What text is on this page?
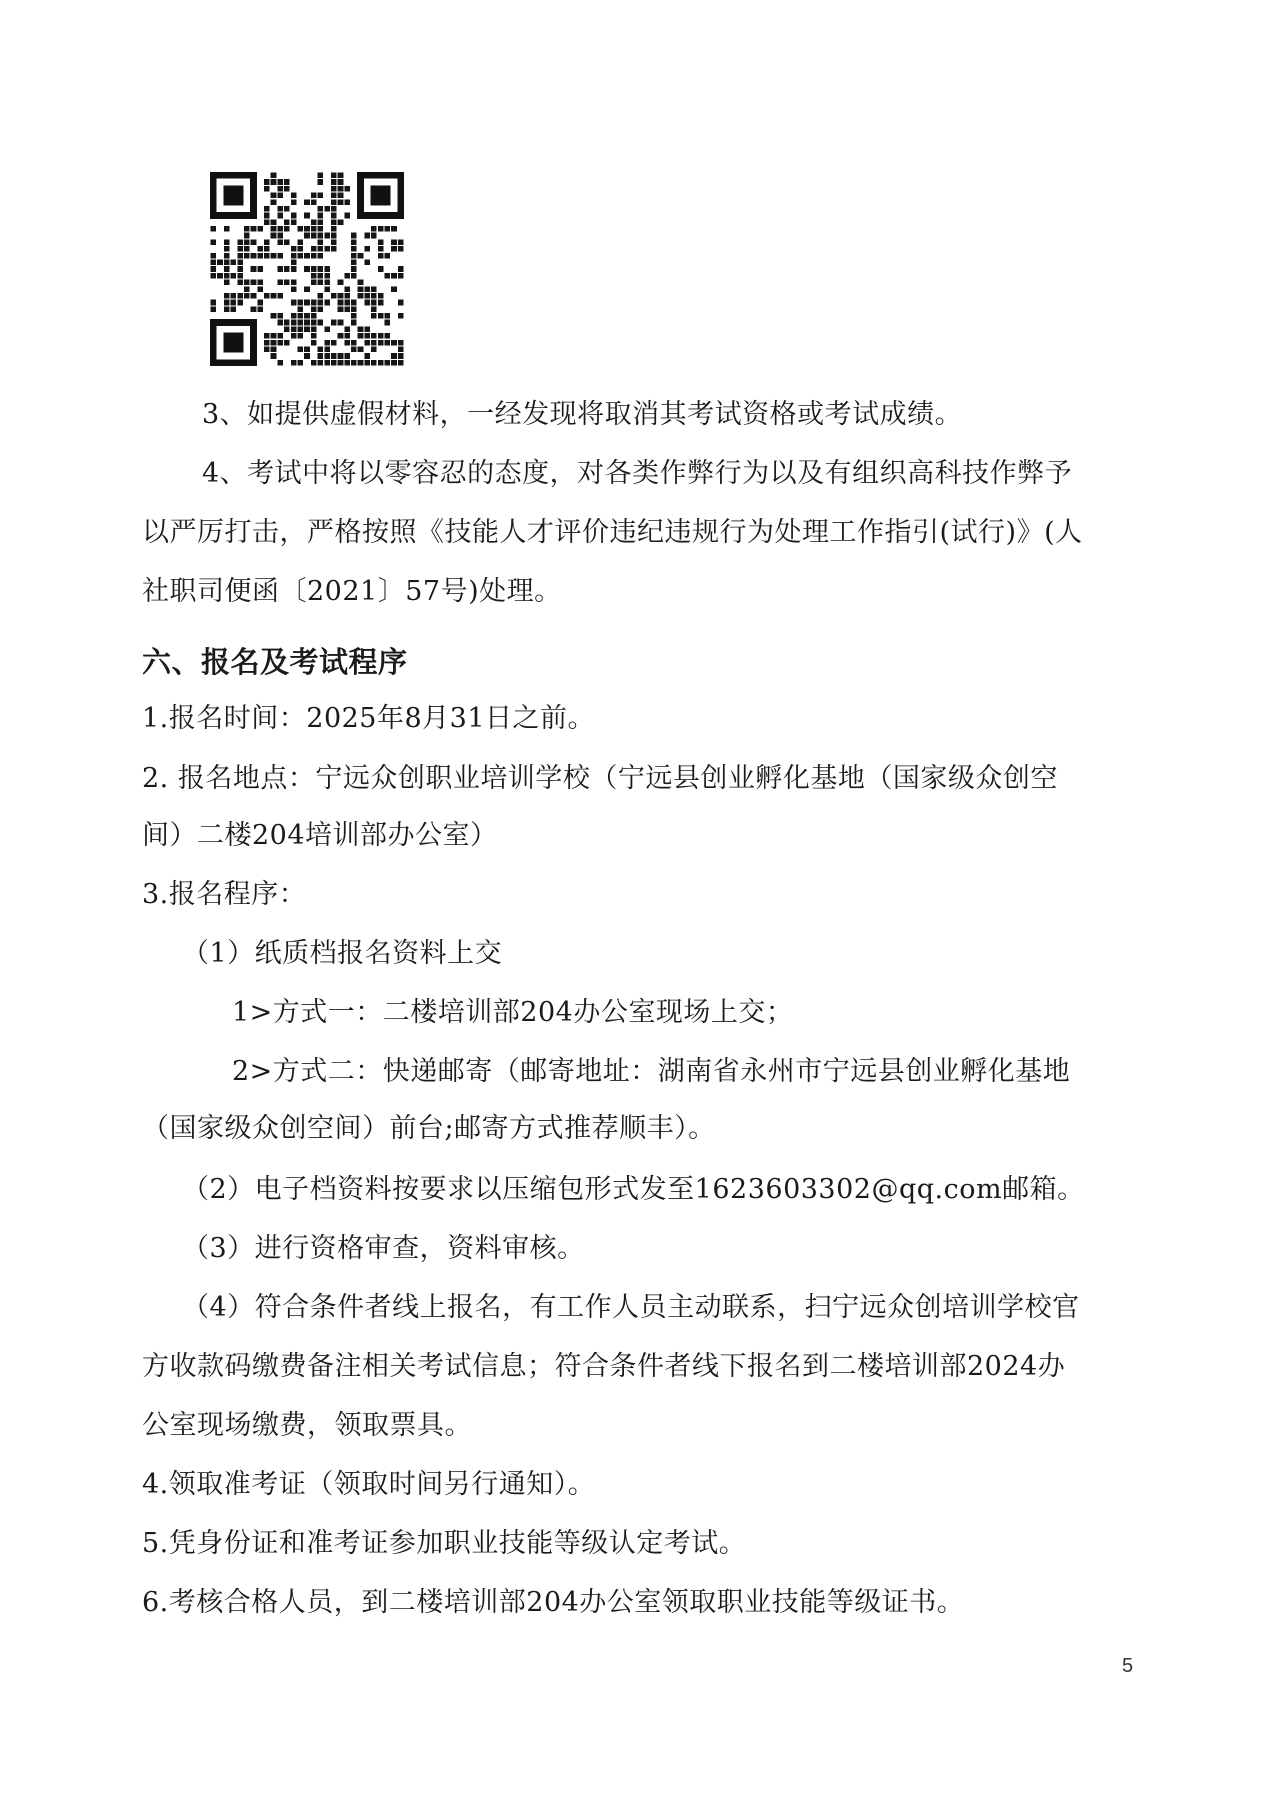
3、如提供虚假材料，一经发现将取消其考试资格或考试成绩。
4、考试中将以零容忍的态度，对各类作弊行为以及有组织高科技作弊予
以严厉打击，严格按照《技能人才评价违纪违规行为处理工作指引(试行)》(人
社职司便函〔2021〕57号)处理。
六、报名及考试程序
1.报名时间：2025年8月31日之前。
2. 报名地点：宁远众创职业培训学校（宁远县创业孵化基地（国家级众创空
间）二楼204培训部办公室）
3.报名程序：
（1）纸质档报名资料上交
1>方式一：二楼培训部204办公室现场上交；
2>方式二：快递邮寄（邮寄地址：湖南省永州市宁远县创业孵化基地
（国家级众创空间）前台;邮寄方式推荐顺丰）。
（2）电子档资料按要求以压缩包形式发至1623603302@qq.com邮箱。
（3）进行资格审查，资料审核。
（4）符合条件者线上报名，有工作人员主动联系，扫宁远众创培训学校官
方收款码缴费备注相关考试信息；符合条件者线下报名到二楼培训部2024办
公室现场缴费，领取票具。
4.领取准考证（领取时间另行通知）。
5.凭身份证和准考证参加职业技能等级认定考试。
6.考核合格人员，到二楼培训部204办公室领取职业技能等级证书。
5
